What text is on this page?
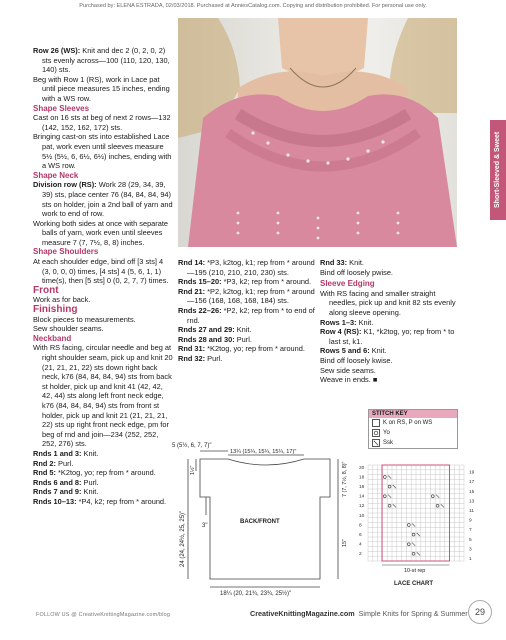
Purchased by: ELENA ESTRADA, 02/03/2018. Purchased at AnniesCatalog.com. Copying and distribution prohibited. For personal use only.

Row 26 (WS): Knit and dec 2 (0, 2, 0, 2) sts evenly across—100 (110, 120, 130, 140) sts.

Beg with Row 1 (RS), work in Lace pat until piece measures 15 inches, ending with a WS row.

Shape Sleeves

Cast on 16 sts at beg of next 2 rows—132 (142, 152, 162, 172) sts.

Bringing cast-on sts into established Lace pat, work even until sleeves measure 5½ (5½, 6, 6½, 6½) inches, ending with a WS row.

Shape Neck

Division row (RS): Work 28 (29, 34, 39, 39) sts, place center 76 (84, 84, 84, 94) sts on holder, join a 2nd ball of yarn and work to end of row.

Working both sides at once with separate balls of yarn, work even until sleeves measure 7 (7, 7½, 8, 8) inches.

Shape Shoulders

At each shoulder edge, bind off [3 sts] 4 (3, 0, 0, 0) times, [4 sts] 4 (5, 6, 1, 1) time(s), then [5 sts] 0 (0, 2, 7, 7) times.

Front

Work as for back.

Finishing

Block pieces to measurements.

Sew shoulder seams.

Neckband

With RS facing, circular needle and beg at right shoulder seam, pick up and knit 20 (21, 21, 21, 22) sts down right back neck, k76 (84, 84, 84, 94) sts from back st holder, pick up and knit 41 (42, 42, 42, 44) sts along left front neck edge, k76 (84, 84, 84, 94) sts from front st holder, pick up and knit 21 (21, 21, 21, 22) sts up right front neck edge, pm for beg of rnd and join—234 (252, 252, 252, 276) sts.

Rnds 1 and 3: Knit.

Rnd 2: Purl.

Rnd 5: *K2tog, yo; rep from * around.

Rnds 6 and 8: Purl.

Rnds 7 and 9: Knit.

Rnds 10–13: *P4, k2; rep from * around.

Short-Sleeved & Sweet

Rnd 14: *P3, k2tog, k1; rep from * around—195 (210, 210, 210, 230) sts.

Rnds 15–20: *P3, k2; rep from * around.

Rnd 21: *P2, k2tog, k1; rep from * around—156 (168, 168, 168, 184) sts.

Rnds 22–26: *P2, k2; rep from * to end of rnd.

Rnds 27 and 29: Knit.

Rnds 28 and 30: Purl.

Rnd 31: *K2tog, yo; rep from * around.

Rnd 32: Purl.

Rnd 33: Knit.

Bind off loosely pwise.

Sleeve Edging

With RS facing and smaller straight needles, pick up and knit 82 sts evenly along sleeve opening.

Rows 1–3: Knit.

Row 4 (RS): K1, *k2tog, yo; rep from * to last st, k1.

Rows 5 and 6: Knit.

Bind off loosely kwise.

Sew side seams.

Weave in ends. ■

STITCH KEY
K on RS, P on WS
Yo
Ssk
5 (5½, 6, 7, 7)"
13¼ (15¼, 15¼, 15¼, 17)"
3"
BACK/FRONT
18¼ (20, 21¾, 23¾, 25½)"
24 (24, 24½, 25, 25)"
1½"	7 (7, 7½, 8, 8)"
15"
20
18
16
14
12
10
8
6
4
2
19
17
15
13
11
9
7
5
3
1
10-st rep
LACE CHART
FOLLOW US @ CreativeKnittingMagazine.com/blog	CreativeKnittingMagazine.com Simple Knits for Spring & Summer 29
